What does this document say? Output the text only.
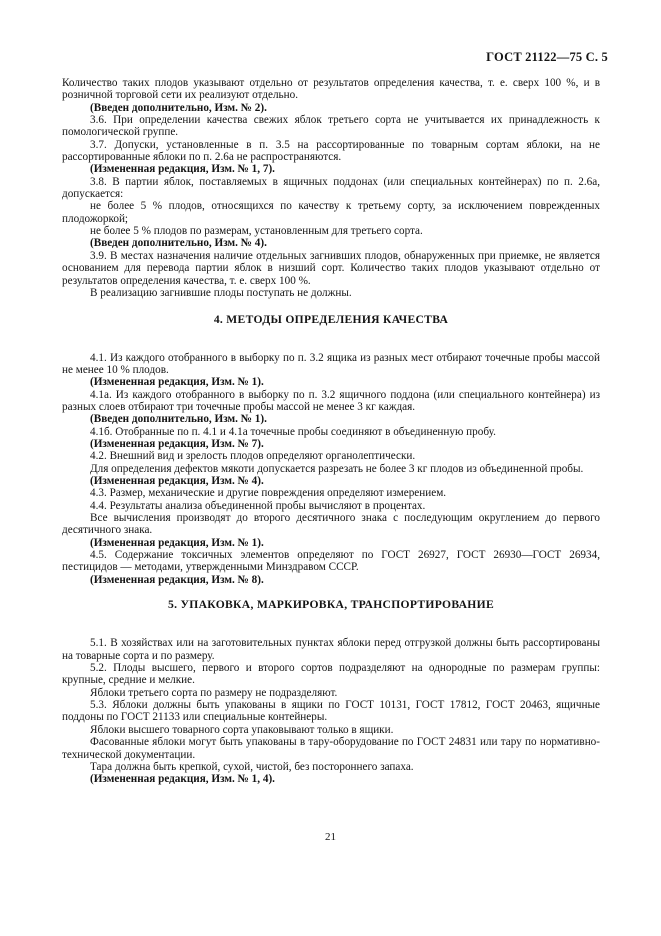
ГОСТ 21122—75 С. 5

Количество таких плодов указывают отдельно от результатов определения качества, т. е. сверх 100 %, и в розничной торговой сети их реализуют отдельно.

(Введен дополнительно, Изм. № 2).

3.6. При определении качества свежих яблок третьего сорта не учитывается их принадлежность к помологической группе.

3.7. Допуски, установленные в п. 3.5 на рассортированные по товарным сортам яблоки, на не рассортированные яблоки по п. 2.6а не распространяются.

(Измененная редакция, Изм. № 1, 7).

3.8. В партии яблок, поставляемых в ящичных поддонах (или специальных контейнерах) по п. 2.6а, допускается:

не более 5 % плодов, относящихся по качеству к третьему сорту, за исключением поврежденных плодожоркой;

не более 5 % плодов по размерам, установленным для третьего сорта.

(Введен дополнительно, Изм. № 4).

3.9. В местах назначения наличие отдельных загнивших плодов, обнаруженных при приемке, не является основанием для перевода партии яблок в низший сорт. Количество таких плодов указывают отдельно от результатов определения качества, т. е. сверх 100 %.

В реализацию загнившие плоды поступать не должны.

4. МЕТОДЫ ОПРЕДЕЛЕНИЯ КАЧЕСТВА

4.1. Из каждого отобранного в выборку по п. 3.2 ящика из разных мест отбирают точечные пробы массой не менее 10 % плодов.

(Измененная редакция, Изм. № 1).

4.1а. Из каждого отобранного в выборку по п. 3.2 ящичного поддона (или специального контейнера) из разных слоев отбирают три точечные пробы массой не менее 3 кг каждая.

(Введен дополнительно, Изм. № 1).

4.1б. Отобранные по п. 4.1 и 4.1а точечные пробы соединяют в объединенную пробу.

(Измененная редакция, Изм. № 7).

4.2. Внешний вид и зрелость плодов определяют органолептически.

Для определения дефектов мякоти допускается разрезать не более 3 кг плодов из объединенной пробы.

(Измененная редакция, Изм. № 4).

4.3. Размер, механические и другие повреждения определяют измерением.

4.4. Результаты анализа объединенной пробы вычисляют в процентах.

Все вычисления производят до второго десятичного знака с последующим округлением до первого десятичного знака.

(Измененная редакция, Изм. № 1).

4.5. Содержание токсичных элементов определяют по ГОСТ 26927, ГОСТ 26930—ГОСТ 26934, пестицидов — методами, утвержденными Минздравом СССР.

(Измененная редакция, Изм. № 8).

5. УПАКОВКА, МАРКИРОВКА, ТРАНСПОРТИРОВАНИЕ

5.1. В хозяйствах или на заготовительных пунктах яблоки перед отгрузкой должны быть рассортированы на товарные сорта и по размеру.

5.2. Плоды высшего, первого и второго сортов подразделяют на однородные по размерам группы: крупные, средние и мелкие.

Яблоки третьего сорта по размеру не подразделяют.

5.3. Яблоки должны быть упакованы в ящики по ГОСТ 10131, ГОСТ 17812, ГОСТ 20463, ящичные поддоны по ГОСТ 21133 или специальные контейнеры.

Яблоки высшего товарного сорта упаковывают только в ящики.

Фасованные яблоки могут быть упакованы в тару-оборудование по ГОСТ 24831 или тару по нормативно-технической документации.

Тара должна быть крепкой, сухой, чистой, без постороннего запаха.

(Измененная редакция, Изм. № 1, 4).

21
